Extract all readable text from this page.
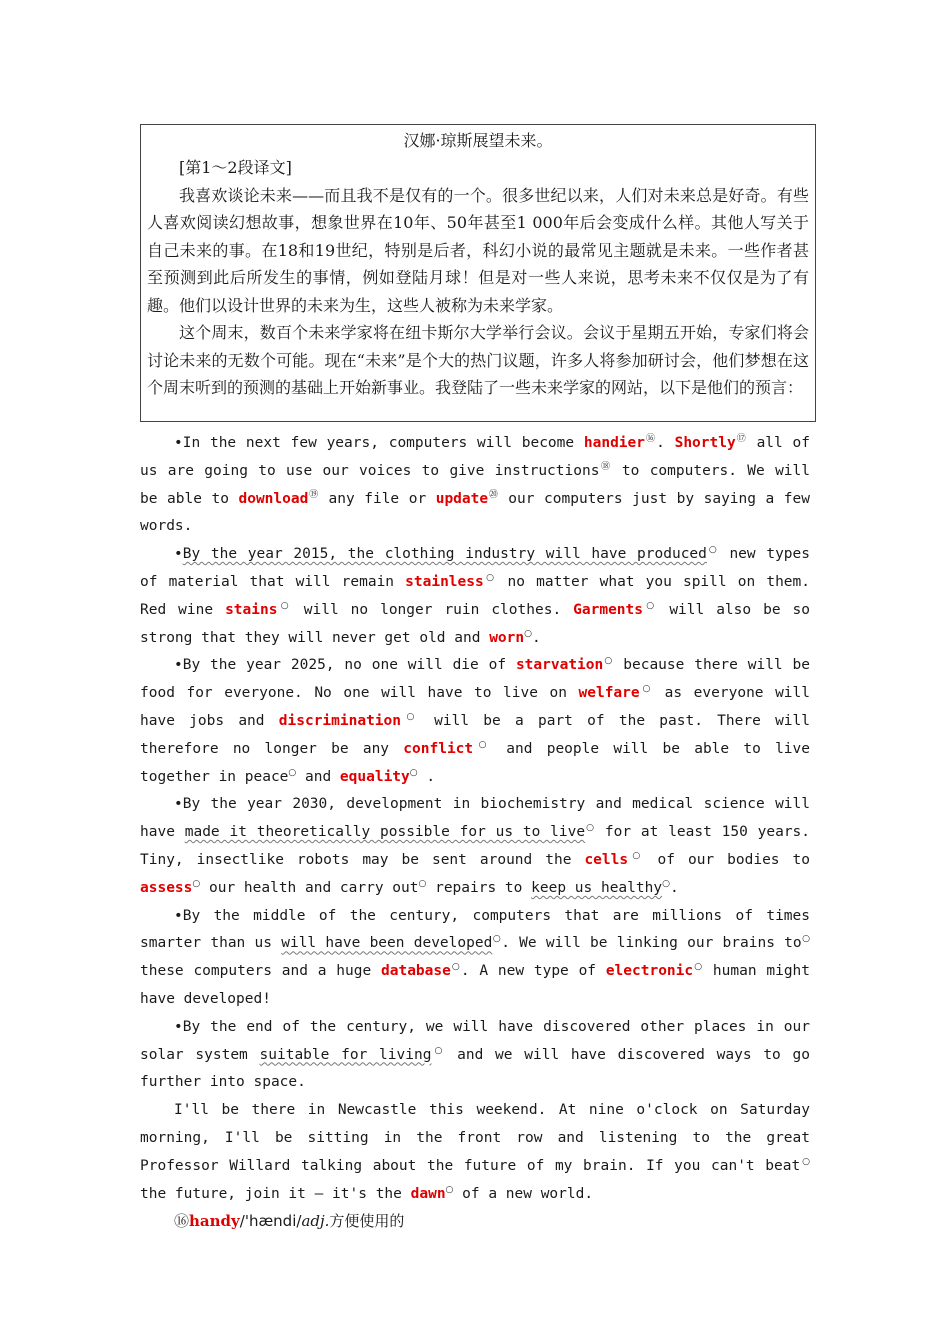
汉娜·琼斯展望未来。

[第1～2段译文]

我喜欢谈论未来——而且我不是仅有的一个。很多世纪以来，人们对未来总是好奇。有些人喜欢阅读幻想故事，想象世界在10年、50年甚至1 000年后会变成什么样。其他人写关于自己未来的事。在18和19世纪，特别是后者，科幻小说的最常见主题就是未来。一些作者甚至预测到此后所发生的事情，例如登陆月球！但是对一些人来说，思考未来不仅仅是为了有趣。他们以设计世界的未来为生，这些人被称为未来学家。

这个周末，数百个未来学家将在纽卡斯尔大学举行会议。会议于星期五开始，专家们将会讨论未来的无数个可能。现在“未来”是个大的热门议题，许多人将参加研讨会，他们梦想在这个周末听到的预测的基础上开始新事业。我登陆了一些未来学家的网站，以下是他们的预言：

•In the next few years, computers will become handier⑯. Shortly⑰ all of us are going to use our voices to give instructions⑱ to computers. We will be able to download⑲ any file or update⑳ our computers just by saying a few words.

•By the year 2015, the clothing industry will have produced○ new types of material that will remain stainless○ no matter what you spill on them. Red wine stains○ will no longer ruin clothes. Garments○ will also be so strong that they will never get old and worn○.

•By the year 2025, no one will die of starvation○ because there will be food for everyone. No one will have to live on welfare○ as everyone will have jobs and discrimination○ will be a part of the past. There will therefore no longer be any conflict○ and people will be able to live together in peace○ and equality○ .

•By the year 2030, development in biochemistry and medical science will have made it theoretically possible for us to live○ for at least 150 years. Tiny, insectlike robots may be sent around the cells○ of our bodies to assess○ our health and carry out○ repairs to keep us healthy○.

•By the middle of the century, computers that are millions of times smarter than us will have been developed○. We will be linking our brains to○ these computers and a huge database○. A new type of electronic○ human might have developed!

•By the end of the century, we will have discovered other places in our solar system suitable for living○ and we will have discovered ways to go further into space.

I'll be there in Newcastle this weekend. At nine o'clock on Saturday morning, I'll be sitting in the front row and listening to the great Professor Willard talking about the future of my brain. If you can't beat○ the future, join it — it's the dawn○ of a new world.

⑯handy/'hændi/adj.方便使用的
